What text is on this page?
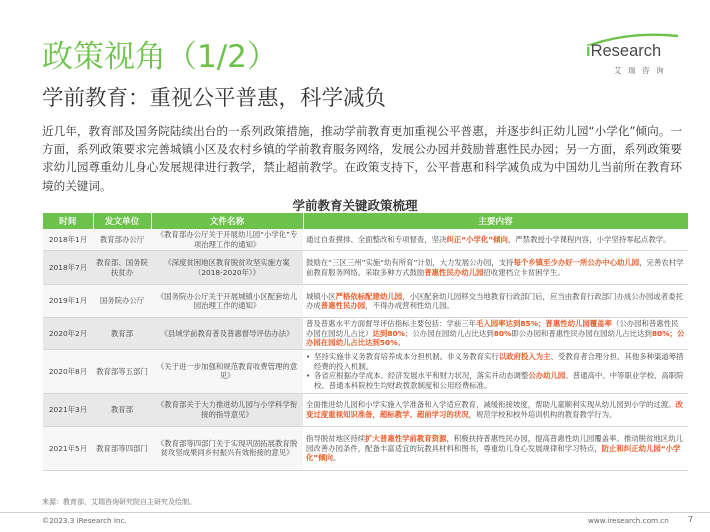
政策视角（1/2）
学前教育：重视公平普惠，科学减负
iResearch
艾瑞咨询

近几年，教育部及国务院陆续出台的一系列政策措施，推动学前教育更加重视公平普惠，并逐步纠正幼儿园“小学化”倾向。一方面，系列政策要求完善城镇小区及农村乡镇的学前教育服务网络，发展公办园并鼓励普惠性民办园；另一方面，系列政策要求幼儿园尊重幼儿身心发展规律进行教学，禁止超前教学。在政策支持下，公平普惠和科学减负成为中国幼儿当前所在教育环境的关键词。

学前教育关键政策梳理
时间	发文单位	文件名称	主要内容
2018年1月	教育部办公厅	《教育部办公厅关于开展幼儿园“小学化”专项治理工作的通知》	通过自查摸排、全面整改和专项督查，坚决纠正“小学化”倾向，严禁教授小学课程内容，小学坚持零起点教学。
2018年7月	教育部、国务院扶贫办	《深度贫困地区教育脱贫攻坚实施方案（2018-2020年）》	鼓励在“三区三州”实施“幼有所育”计划，大力发展公办园，支持每个乡镇至少办好一所公办中心幼儿园，完善农村学前教育服务网络。采取多种方式鼓励普惠性民办幼儿园招收建档立卡贫困学生。
2019年1月	国务院办公厅	《国务院办公厅关于开展城镇小区配套幼儿园治理工作的通知》	城镇小区严格依标配建幼儿园，小区配套幼儿园移交当地教育行政部门后，应当由教育行政部门办成公办园或者委托办成普惠性民办园，不得办成营利性幼儿园。
2020年2月	教育部	《县域学前教育普及普惠督导评估办法》	普及普惠水平方面督导评估指标主要包括：学前三年毛入园率达到85%；普惠性幼儿园覆盖率（公办园和普惠性民办园在园幼儿占比）达到80%；公办园在园幼儿占比达到80%即公办园和普惠性民办园在园幼儿占比达到80%；公办园在园幼儿占比达到50%。
2020年8月	教育部等五部门	《关于进一步加强和规范教育收费管理的意见》	• 坚持实施非义务教育培养成本分担机制。非义务教育实行以政府投入为主、受教育者合理分担、其他多种渠道筹措经费的投入机制。
• 各省应根据办学成本、经济发展水平和财力状况，落实并动态调整公办幼儿园、普通高中、中等职业学校、高职院校、普通本科院校生均财政拨款制度和公用经费标准。

2021年3月	教育部	《教育部关于大力推进幼儿园与小学科学衔接的指导意见》	全面推进幼儿园和小学实施入学准备和入学适应教育，减缓衔接坡度，帮助儿童顺利实现从幼儿园到小学的过渡。改变过度重视知识准备，超标教学、超前学习的状况，规范学校和校外培训机构的教育教学行为。
2021年5月	教育部等四部门	《教育部等四部门关于实现巩固拓展教育脱贫攻坚成果同乡村振兴有效衔接的意见》	指导脱贫地区持续扩大普惠性学前教育资源，积极扶持普惠性民办园，提高普惠性幼儿园覆盖率。推动脱贫地区幼儿园改善办园条件，配备丰富适宜的玩教具材料和图书，尊重幼儿身心发展规律和学习特点，防止和纠正幼儿园“小学化”倾向。
来源：教育部，艾瑞咨询研究院自主研究及绘制。
©2023.3 iResearch Inc.	www.iresearch.com.cn 7
